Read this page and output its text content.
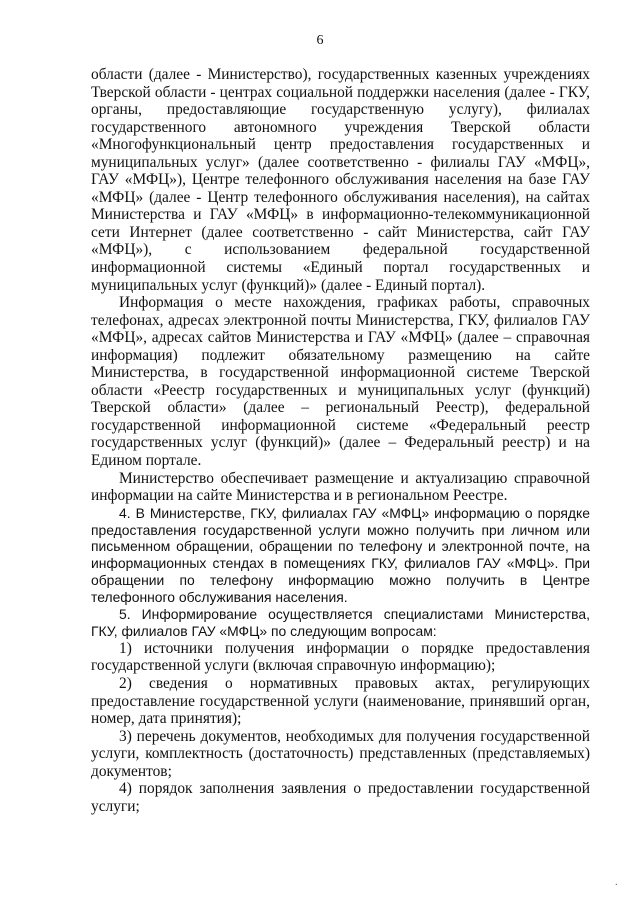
6

области (далее - Министерство), государственных казенных учреждениях Тверской области - центрах социальной поддержки населения (далее - ГКУ, органы, предоставляющие государственную услугу), филиалах государственного автономного учреждения Тверской области «Многофункциональный центр предоставления государственных и муниципальных услуг» (далее соответственно - филиалы ГАУ «МФЦ», ГАУ «МФЦ»), Центре телефонного обслуживания населения на базе ГАУ «МФЦ» (далее - Центр телефонного обслуживания населения), на сайтах Министерства и ГАУ «МФЦ» в информационно-телекоммуникационной сети Интернет (далее соответственно - сайт Министерства, сайт ГАУ «МФЦ»), с использованием федеральной государственной информационной системы «Единый портал государственных и муниципальных услуг (функций)» (далее - Единый портал).

Информация о месте нахождения, графиках работы, справочных телефонах, адресах электронной почты Министерства, ГКУ, филиалов ГАУ «МФЦ», адресах сайтов Министерства и ГАУ «МФЦ» (далее – справочная информация) подлежит обязательному размещению на сайте Министерства, в государственной информационной системе Тверской области «Реестр государственных и муниципальных услуг (функций) Тверской области» (далее – региональный Реестр), федеральной государственной информационной системе «Федеральный реестр государственных услуг (функций)» (далее – Федеральный реестр) и на Едином портале.

Министерство обеспечивает размещение и актуализацию справочной информации на сайте Министерства и в региональном Реестре.

4. В Министерстве, ГКУ, филиалах ГАУ «МФЦ» информацию о порядке предоставления государственной услуги можно получить при личном или письменном обращении, обращении по телефону и электронной почте, на информационных стендах в помещениях ГКУ, филиалов ГАУ «МФЦ». При обращении по телефону информацию можно получить в Центре телефонного обслуживания населения.

5. Информирование осуществляется специалистами Министерства, ГКУ, филиалов ГАУ «МФЦ» по следующим вопросам:

1) источники получения информации о порядке предоставления государственной услуги (включая справочную информацию);

2) сведения о нормативных правовых актах, регулирующих предоставление государственной услуги (наименование, принявший орган, номер, дата принятия);

3) перечень документов, необходимых для получения государственной услуги, комплектность (достаточность) представленных (представляемых) документов;

4) порядок заполнения заявления о предоставлении государственной услуги;

·
